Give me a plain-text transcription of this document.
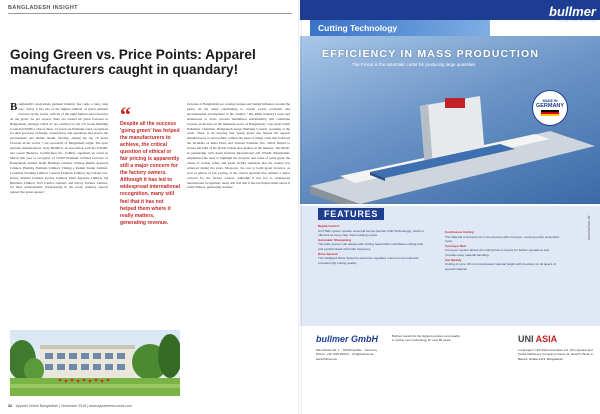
BANGLADESH INSIGHT
Going Green vs. Price Points: Apparel manufacturers caught in quandary!
B angladesh's ready-made garment industry has come a long, long way. Today it has one of the highest number of green garment factories in the world, with all of the eight highest-rated factories on the globe. As per reports, there are around 66 green factories in Bangladesh, amongst which 47 are certified by the US Green Building Council (USGBC). Out of these, 13 seven are Platinum rated, recognised for their good-use of design, construction, and operations that protect the environment and human health. Notably, among the top 10 green factories in the world, 7 are reportedly of Bangladesh origin. The apex garment manufacturers' body BGMEA, in association with the USGBC and Green Business Certification Inc. (GBCI) organised an event in March this year to recognise 13 LEED Platinum certified factories of Bangladesh, namely Remi Holdings Limited, Vintage Denim Apparels Limited, Plummy Fashions Limited, Vinting e Denim Studio Limited, Colombia Washing Limited, Genesis Fashions Limited, SQ Celsius Ltd, Envoy Textiles Limited, Ecotex Limited, Fakir Apparels Limited, SQ Birichina Limited, SGS Fabrics Limited, and Envoy Textiles Limited, for their achievements. Participating in the event, industry experts opined that green apparel
“
Despite all the success 'going green' has helped the manufacturers to achieve, the critical question of ethical or fair pricing is apparently still a major concern for the factory owners. Although it has led to widespread international recognition, many still feel that it has not helped them where it really matters, generating revenue.
factories of Bangladesh are creating unique and benign influence around the globe, all the while contributing to overall social, economic and environmental development of the country. "The RMG industry's steps and endeavours to strive towards maximised sustainability will contribute towards an investor in the industrial sector of Bangladesh," says Ayub Saimi Rahaman, Chairman, Bangladesh Green Building Council, speaking at the event. There is no denying that 'going green' has helped the apparel manufacturers to successfully combat the issue of image crisis that followed the incidents of Rana Plaza and Tazreen Fashions fire, which helped to restore the faith of the global brands and retailers in the industry. The MOU, in partnership with Asian Institute International and UNAR, Bangladesh, emphasised the need to highlight the progress and sense of pride given the extent of worker safety and green facility standards that the country has achieved during the years. Moreover, the cost to build green factories, as well as ethical or fair pricing, is the critical question that remains a major concern for the factory owners. Although it has led to widespread international recognition, many still feel that it has not helped them where it really matters, generating revenue.
32 Apparel Online Bangladesh | November 2018 | www.apparelresources.com
Cutting Technology
bullmer
cutting room technology
EFFICIENCY IN MASS PRODUCTION
The Procut is the automatic cutter for producing large quantities
MADE IN
GERMANY
FEATURES
Digital Control
CUTTER system speaks universal format (Gerber CAD Technology), which is effective at every step. Fast marking cycles.
Automatic Sharpening
The knife system can always with cutting head which contributes cutting ratio and synchronised with knife frequency.
Drive System
The intelligent Drive System's electronic regulates current motor load and provides high cutting quality.
Continuous Cutting
The Material is fed and cut in one process with conveyor, covering entire production cycle.
Conveyor Belt
Conveyor system allows the cutting belt to recycle for further operations and provides easy material handling.
Cut Quality
Cutting of up to 45 mm compressed material height with precision on all layers of spread material.
www.bullmer.de
bullmer GmbH
Max-Planck-Str. 1 · 72639 Neuffen · Germany · Phone: +49 7025 9000-0 · info@bullmer.de · www.bullmer.de
Bullmer stands for the highest precision and quality in cutting room technology for over 80 years.	UNI ASIA
Local Agent: UNI ASIA Associates Ltd. (The Apparel and Textile Machinery Company) House 41, Road 5, Block C, Banani, Dhaka-1213, Bangladesh
